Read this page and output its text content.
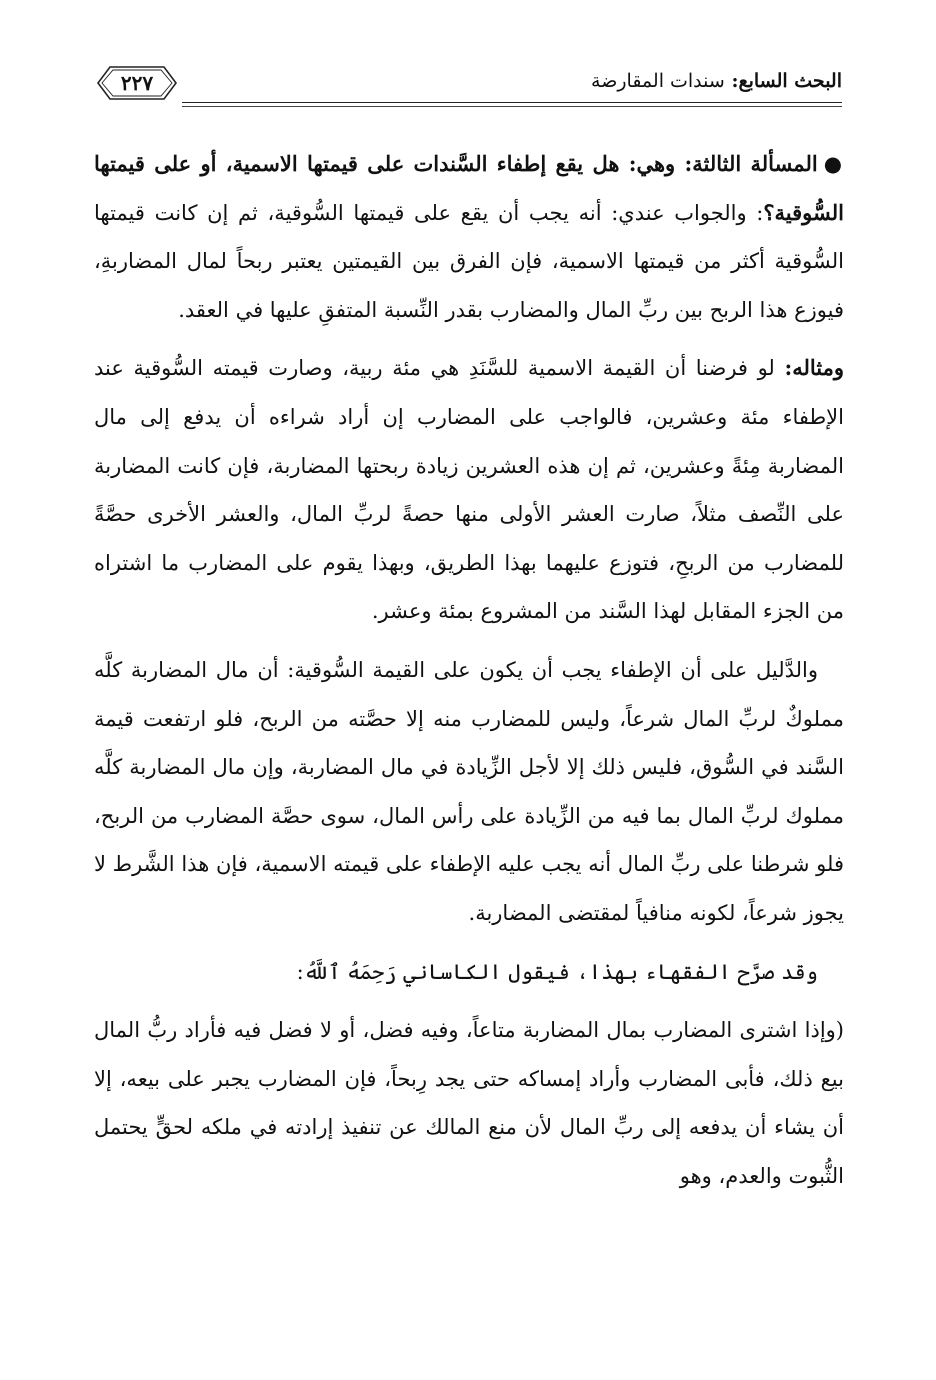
البحث السابع: سندات المقارضة
٢٢٧

●المسألة الثالثة: وهي: هل يقع إطفاء السَّندات على قيمتها الاسمية، أو على قيمتها السُّوقية؟: والجواب عندي: أنه يجب أن يقع على قيمتها السُّوقية، ثم إن كانت قيمتها السُّوقية أكثر من قيمتها الاسمية، فإن الفرق بين القيمتين يعتبر ربحاً لمال المضاربةِ، فيوزع هذا الربح بين ربِّ المال والمضارب بقدر النِّسبة المتفقِ عليها في العقد.

ومثاله: لو فرضنا أن القيمة الاسمية للسَّنَدِ هي مئة ربية، وصارت قيمته السُّوقية عند الإطفاء مئة وعشرين، فالواجب على المضارب إن أراد شراءه أن يدفع إلى مال المضاربة مِئةً وعشرين، ثم إن هذه العشرين زيادة ربحتها المضاربة، فإن كانت المضاربة على النِّصف مثلاً، صارت العشر الأولى منها حصةً لربِّ المال، والعشر الأخرى حصَّةً للمضارب من الربحِ، فتوزع عليهما بهذا الطريق، وبهذا يقوم على المضارب ما اشتراه من الجزء المقابل لهذا السَّند من المشروع بمئة وعشر.

والدَّليل على أن الإطفاء يجب أن يكون على القيمة السُّوقية: أن مال المضاربة كلَّه مملوكٌ لربِّ المال شرعاً، وليس للمضارب منه إلا حصَّته من الربح، فلو ارتفعت قيمة السَّند في السُّوق، فليس ذلك إلا لأجل الزِّيادة في مال المضاربة، وإن مال المضاربة كلَّه مملوك لربِّ المال بما فيه من الزِّيادة على رأس المال، سوى حصَّة المضارب من الربح، فلو شرطنا على ربِّ المال أنه يجب عليه الإطفاء على قيمته الاسمية، فإن هذا الشَّرط لا يجوز شرعاً، لكونه منافياً لمقتضى المضاربة.

وقد صرَّح الفقهاء بهذا، فيقول الكاساني رَحِمَهُ ٱللَّهُ:

(وإذا اشترى المضارب بمال المضاربة متاعاً، وفيه فضل، أو لا فضل فيه فأراد ربُّ المال بيع ذلك، فأبى المضارب وأراد إمساكه حتى يجد رِبحاً، فإن المضارب يجبر على بيعه، إلا أن يشاء أن يدفعه إلى ربِّ المال لأن منع المالك عن تنفيذ إرادته في ملكه لحقٍّ يحتمل الثُّبوت والعدم، وهو
